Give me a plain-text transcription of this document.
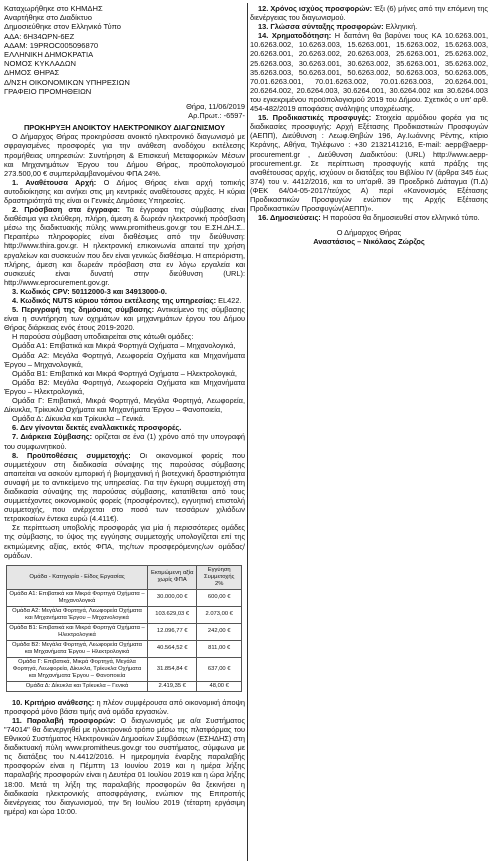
Καταχωρήθηκε στο ΚΗΜΔΗΣ
Αναρτήθηκε στο Διαδίκτυο
Δημοσιεύθηκε στον Ελληνικό Τύπο
ΑΔΑ: 6Η34ΩΡΝ-6ΕΖ
ΑΔΑΜ: 19PROC005096870
ΕΛΛΗΝΙΚΗ ΔΗΜΟΚΡΑΤΙΑ
ΝΟΜΟΣ ΚΥΚΛΑΔΩΝ
ΔΗΜΟΣ ΘΗΡΑΣ
Δ/ΝΣΗ ΟΙΚΟΝΟΜΙΚΩΝ ΥΠΗΡΕΣΙΩΝ
ΓΡΑΦΕΙΟ ΠΡΟΜΗΘΕΙΩΝ

Θήρα, 11/06/2019

Αρ.Πρωτ.: -6597-

ΠΡΟΚΗΡΥΞΗ ΑΝΟΙΚΤΟΥ ΗΛΕΚΤΡΟΝΙΚΟΥ ΔΙΑΓΩΝΙΣΜΟΥ

Ο Δήμαρχος Θήρας προκηρύσσει ανοικτό ηλεκτρονικό διαγωνισμό με σφραγισμένες προσφορές για την ανάθεση ανοδόχου εκτέλεσης προμήθειας υπηρεσιών: Συντήρηση & Επισκευή Μεταφορικών Μέσων και Μηχανημάτων Έργου του Δήμου Θήρας, προϋπολογισμού 273.500,00 € συμπεριλαμβανομένου ΦΠΑ 24%.

1. Αναθέτουσα Αρχή: Ο Δήμος Θήρας είναι αρχή τοπικής αυτοδιοίκησης και ανήκει στις μη κεντρικές αναθέτουσες αρχές. Η κύρια δραστηριότητά της είναι οι Γενικές Δημόσιες Υπηρεσίες.

2. Πρόσβαση στα έγγραφα: Τα έγγραφα της σύμβασης είναι διαθέσιμα για ελεύθερη, πλήρη, άμεση & δωρεάν ηλεκτρονική πρόσβαση μέσω της διαδικτυακής πύλης www.promitheus.gov.gr του Ε.ΣΗ.ΔΗ.Σ.. Περαιτέρω πληροφορίες είναι διαθέσιμες από την διεύθυνση: http://www.thira.gov.gr. Η ηλεκτρονική επικοινωνία απαιτεί την χρήση εργαλείων και συσκευών που δεν είναι γενικώς διαθέσιμα. Η απεριόριστη, πλήρης, άμεση και δωρεάν πρόσβαση στα εν λόγω εργαλεία και συσκευές είναι δυνατή στην διεύθυνση (URL): http://www.eprocurement.gov.gr.

3. Κωδικός CPV: 50112000-3 και 34913000-0.

4. Κωδικός NUTS κύριου τόπου εκτέλεσης της υπηρεσίας: EL422.

5. Περιγραφή της δημόσιας σύμβασης: Αντικείμενο της σύμβασης είναι η συντήρηση των οχημάτων και μηχανημάτων έργου του Δήμου Θήρας διάρκειας ενός έτους 2019-2020.

Η παρούσα σύμβαση υποδιαιρείται στις κάτωθι ομάδες:

Ομάδα Α1: Επιβατικά και Μικρά Φορτηγά Οχήματα – Μηχανολογικά,

Ομάδα Α2: Μεγάλα Φορτηγά, Λεωφορεία Οχήματα και Μηχανήματα Έργου – Μηχανολογικά,

Ομάδα Β1: Επιβατικά και Μικρά Φορτηγά Οχήματα – Ηλεκτρολογικά,

Ομάδα Β2: Μεγάλα Φορτηγά, Λεωφορεία Οχήματα και Μηχανήματα Έργου – Ηλεκτρολογικά,

Ομάδα Γ: Επιβατικά, Μικρά Φορτηγά, Μεγάλα Φορτηγά, Λεωφορεία, Δίκυκλα, Τρίκυκλα Οχήματα και Μηχανήματα Έργου – Φανοποιεία,

Ομάδα Δ: Δίκυκλα και Τρίκυκλα – Γενικά.

6. Δεν γίνονται δεκτές εναλλακτικές προσφορές.

7. Διάρκεια Σύμβασης: ορίζεται σε ένα (1) χρόνο από την υπογραφή του συμφωνητικού.

8. Προϋποθέσεις συμμετοχής: Οι οικονομικοί φορείς που συμμετέχουν στη διαδικασία σύναψης της παρούσας σύμβασης απαιτείται να ασκούν εμπορική ή βιομηχανική ή βιοτεχνική δραστηριότητα συναφή με το αντικείμενο της υπηρεσίας. Για την έγκυρη συμμετοχή στη διαδικασία σύναψης της παρούσας σύμβασης, κατατίθεται από τους συμμετέχοντες οικονομικούς φορείς (προσφέροντες), εγγυητική επιστολή συμμετοχής, που ανέρχεται στο ποσό των τεσσάρων χιλιάδων τετρακοσίων έντεκα ευρώ (4.411€).

Σε περίπτωση υποβολής προσφοράς για μία ή περισσότερες ομάδες της σύμβασης, το ύψος της εγγύησης συμμετοχής υπολογίζεται επί της εκτιμώμενης αξίας, εκτός ΦΠΑ, της/των προσφερόμενης/ων ομάδας/ομάδων.

Ομάδα - Κατηγορία - Είδος Εργασίας	Εκτιμώμενη αξία χωρίς ΦΠΑ	Εγγύηση Συμμετοχής 2%
Ομάδα Α1: Επιβατικά και Μικρά Φορτηγά Οχήματα – Μηχανολογικά	30.000,00 €	600,00 €
Ομάδα Α2: Μεγάλα Φορτηγά, Λεωφορεία Οχήματα και Μηχανήματα Έργου – Μηχανολογικά	103.629,03 €	2.073,00 €
Ομάδα Β1: Επιβατικά και Μικρά Φορτηγά Οχήματα – Ηλεκτρολογικά	12.096,77 €	242,00 €
Ομάδα Β2: Μεγάλα Φορτηγά, Λεωφορεία Οχήματα και Μηχανήματα Έργου – Ηλεκτρολογικά	40.564,52 €	811,00 €
Ομάδα Γ: Επιβατικά, Μικρά Φορτηγά, Μεγάλα Φορτηγά, Λεωφορεία, Δίκυκλα, Τρίκυκλα Οχήματα και Μηχανήματα Έργου – Φανοποιεία	31.854,84 €	637,00 €
Ομάδα Δ: Δίκυκλα και Τρίκυκλα – Γενικά	2.419,35 €	48,00 €

10. Κριτήριο ανάθεσης: η πλέον συμφέρουσα από οικονομική άποψη προσφορά μόνο βάσει τιμής ανά ομάδα εργασιών.

11. Παραλαβή προσφορών: Ο διαγωνισμός με α/α Συστήματος "74014" θα διενεργηθεί με ηλεκτρονικό τρόπο μέσω της πλατφόρμας του Εθνικού Συστήματος Ηλεκτρονικών Δημοσίων Συμβάσεων (ΕΣΗΔΗΣ) στη διαδικτυακή πύλη www.promitheus.gov.gr του συστήματος, σύμφωνα με τις διατάξεις του Ν.4412/2016. Η ημερομηνία έναρξης παραλαβής προσφορών είναι η Πέμπτη 13 Ιουνίου 2019 και η ημέρα λήξης παραλαβής προσφορών είναι η Δευτέρα 01 Ιουλίου 2019 και η ώρα λήξης 18:00. Μετά τη λήξη της παραλαβής προσφορών θα ξεκινήσει η διαδικασία ηλεκτρονικής αποσφράγισης, ενώπιον της Επιτροπής διενέργειας του διαγωνισμού, την 5η Ιουλίου 2019 (τέταρτη εργάσιμη ημέρα) και ώρα 10:00.

12. Χρόνος ισχύος προσφορών: Έξι (6) μήνες από την επόμενη της διενέργειας του διαγωνισμού.

13. Γλώσσα σύνταξης προσφορών: Ελληνική.

14. Χρηματοδότηση: Η δαπάνη θα βαρύνει τους ΚΑ 10.6263.001, 10.6263.002, 10.6263.003, 15.6263.001, 15.6263.002, 15.6263.003, 20.6263.001, 20.6263.002, 20.6263.003, 25.6263.001, 25.6263.002, 25.6263.003, 30.6263.001, 30.6263.002, 35.6263.001, 35.6263.002, 35.6263.003, 50.6263.001, 50.6263.002, 50.6263.003, 50.6263.005, 70.01.6263.001, 70.01.6263.002, 70.01.6263.003, 20.6264.001, 20.6264.002, 20.6264.003, 30.6264.001, 30.6264.002 και 30.6264.003 του εγκεκριμένου προϋπολογισμού 2019 του Δήμου. Σχετικός ο υπ' αρθ. 454-482/2019 αποφάσεις ανάληψης υποχρέωσης.

15. Προδικαστικές προσφυγές: Στοιχεία αρμόδιου φορέα για τις διαδικασίες προσφυγής: Αρχή Εξέτασης Προδικαστικών Προσφυγών (ΑΕΠΠ), Διεύθυνση : Λεωφ.Θηβών 196, Αγ.Ιωάννης Ρέντης, κτίριο Κεράνης, Αθήνα, Τηλέφωνο : +30 2132141216, E-mail: aepp@aepp-procurement.gr , Διεύθυνση Διαδικτύου: (URL) http://www.aepp-procurement.gr. Σε περίπτωση προσφυγής κατά πράξης της αναθέτουσας αρχής, ισχύουν οι διατάξεις του Βιβλίου IV (άρθρα 345 έως 374) του ν. 4412/2016, και το υπ'αριθ. 39 Προεδρικό Διάταγμα (Π.Δ) (ΦΕΚ 64/04-05-2017/τεύχος Α) περί «Κανονισμός Εξέτασης Προδικαστικών Προσφυγών ενώπιον της Αρχής Εξέτασης Προδικαστικών Προσφυγών(ΑΕΠΠ)».

16. Δημοσιεύσεις: Η παρούσα θα δημοσιευθεί στον ελληνικό τύπο.

Ο Δήμαρχος Θήρας

Αναστάσιος – Νικόλαος Ζώρζος
